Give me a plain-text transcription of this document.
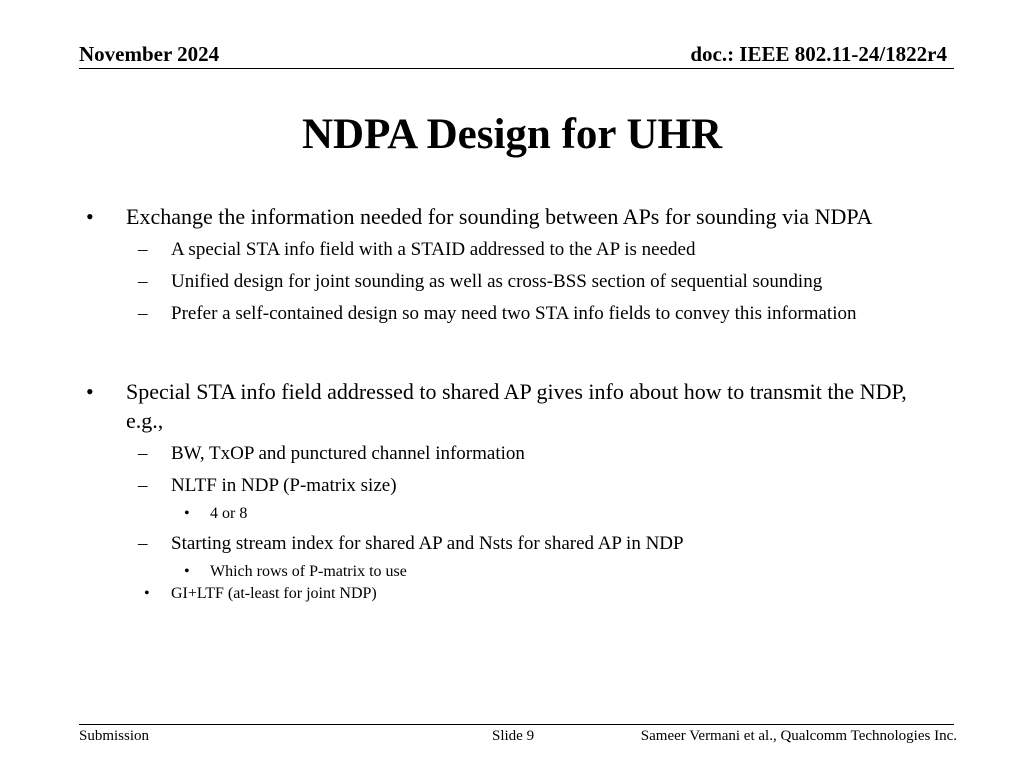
November 2024	doc.: IEEE 802.11-24/1822r4
NDPA Design for UHR
• Exchange the information needed for sounding between APs for sounding via NDPA
– A special STA info field with a STAID addressed to the AP is needed
– Unified design for joint sounding as well as cross-BSS section of sequential sounding
– Prefer a self-contained design so may need two STA info fields to convey this information
• Special STA info field addressed to shared AP gives info about how to transmit the NDP, e.g.,
– BW, TxOP and punctured channel information
– NLTF in NDP (P-matrix size)
• 4 or 8
– Starting stream index for shared AP and Nsts for shared AP in NDP
• Which rows of P-matrix to use
• GI+LTF (at-least for joint NDP)
Submission	Slide 9	Sameer Vermani et al., Qualcomm Technologies Inc.
